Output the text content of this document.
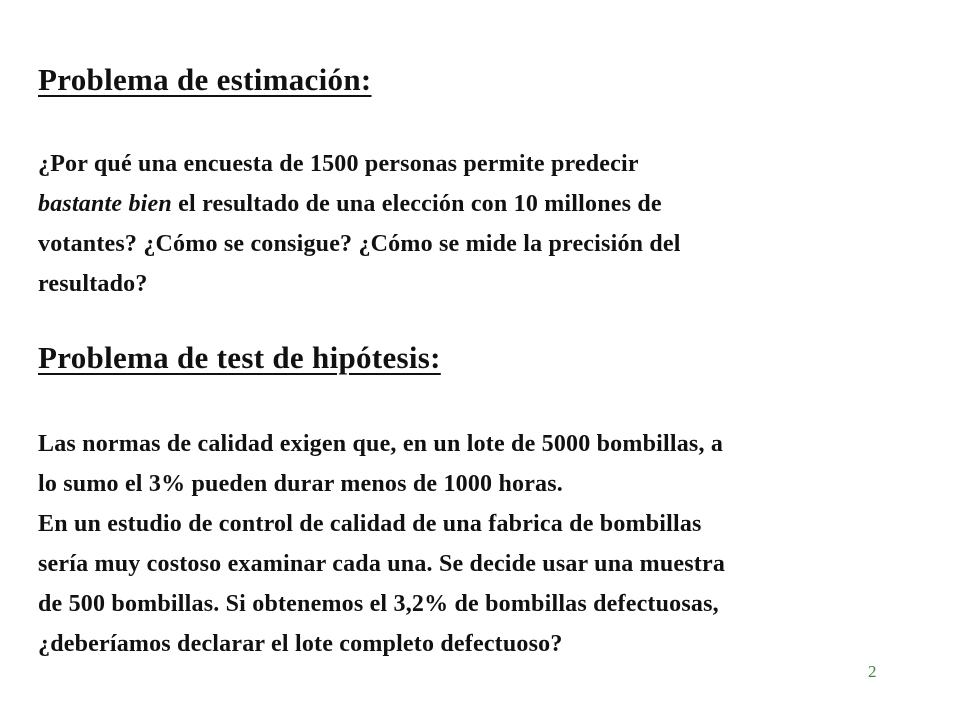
Problema de estimación:

¿Por qué una encuesta de 1500 personas permite predecir
bastante bien el resultado de una elección con 10 millones de
votantes? ¿Cómo se consigue? ¿Cómo se mide la precisión del
resultado?

Problema de test de hipótesis:

Las normas de calidad exigen que, en un lote de 5000 bombillas, a
lo sumo el 3% pueden durar menos de 1000 horas.
En un estudio de control de calidad de una fabrica de bombillas
sería muy costoso examinar cada una. Se decide usar una muestra
de 500 bombillas. Si obtenemos el 3,2% de bombillas defectuosas,
¿deberíamos declarar el lote completo defectuoso?

2
